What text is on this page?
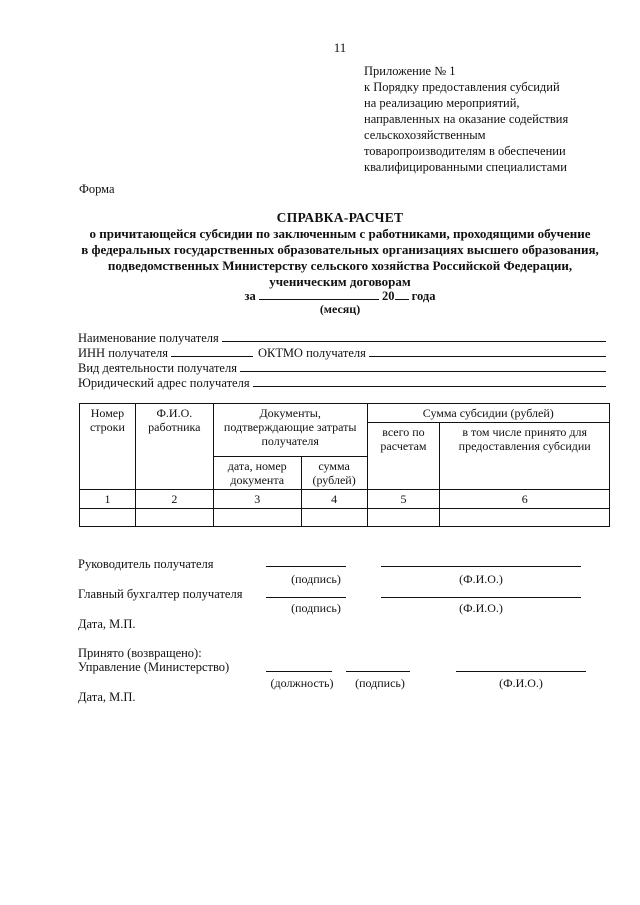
11
Приложение № 1
к Порядку предоставления субсидий
на реализацию мероприятий,
направленных на оказание содействия
сельскохозяйственным
товаропроизводителям в обеспечении
квалифицированными специалистами
Форма
СПРАВКА-РАСЧЕТ
о причитающейся субсидии по заключенным с работниками, проходящими обучение
в федеральных государственных образовательных организациях высшего образования,
подведомственных Министерству сельского хозяйства Российской Федерации,
ученическим договорам
за	20 года
(месяц)
Наименование получателя
ИНН получателя	ОКТМО получателя
Вид деятельности получателя
Юридический адрес получателя
Номер строки	Ф.И.О. работника	Документы, подтверждающие затраты получателя		Сумма субсидии (рублей)	
				всего по расчетам	в том числе принято для предоставления субсидии
		дата, номер документа	сумма (рублей)		
1	2	3	4	5	6

Руководитель получателя
(подпись)	(Ф.И.О.)
Главный бухгалтер получателя
(подпись)	(Ф.И.О.)
Дата, М.П.
Принято (возвращено):
Управление (Министерство)
(должность)	(подпись)	(Ф.И.О.)
Дата, М.П.
